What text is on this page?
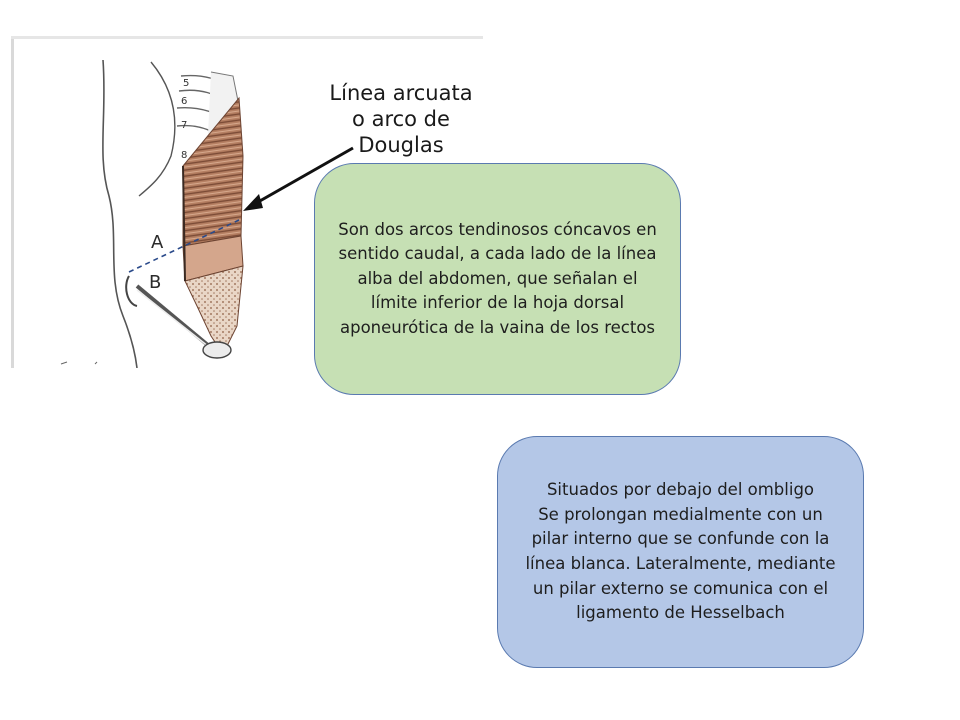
5
6
7
8
A
B
Línea arcuata
o arco de Douglas

Son dos arcos tendinosos cóncavos en sentido caudal, a cada lado de la línea alba del abdomen, que señalan el límite inferior de la hoja dorsal aponeurótica de la vaina de los rectos

Situados por debajo del ombligo

Se prolongan medialmente con un pilar interno que se confunde con la línea blanca. Lateralmente, mediante un pilar externo se comunica con el ligamento de Hesselbach
